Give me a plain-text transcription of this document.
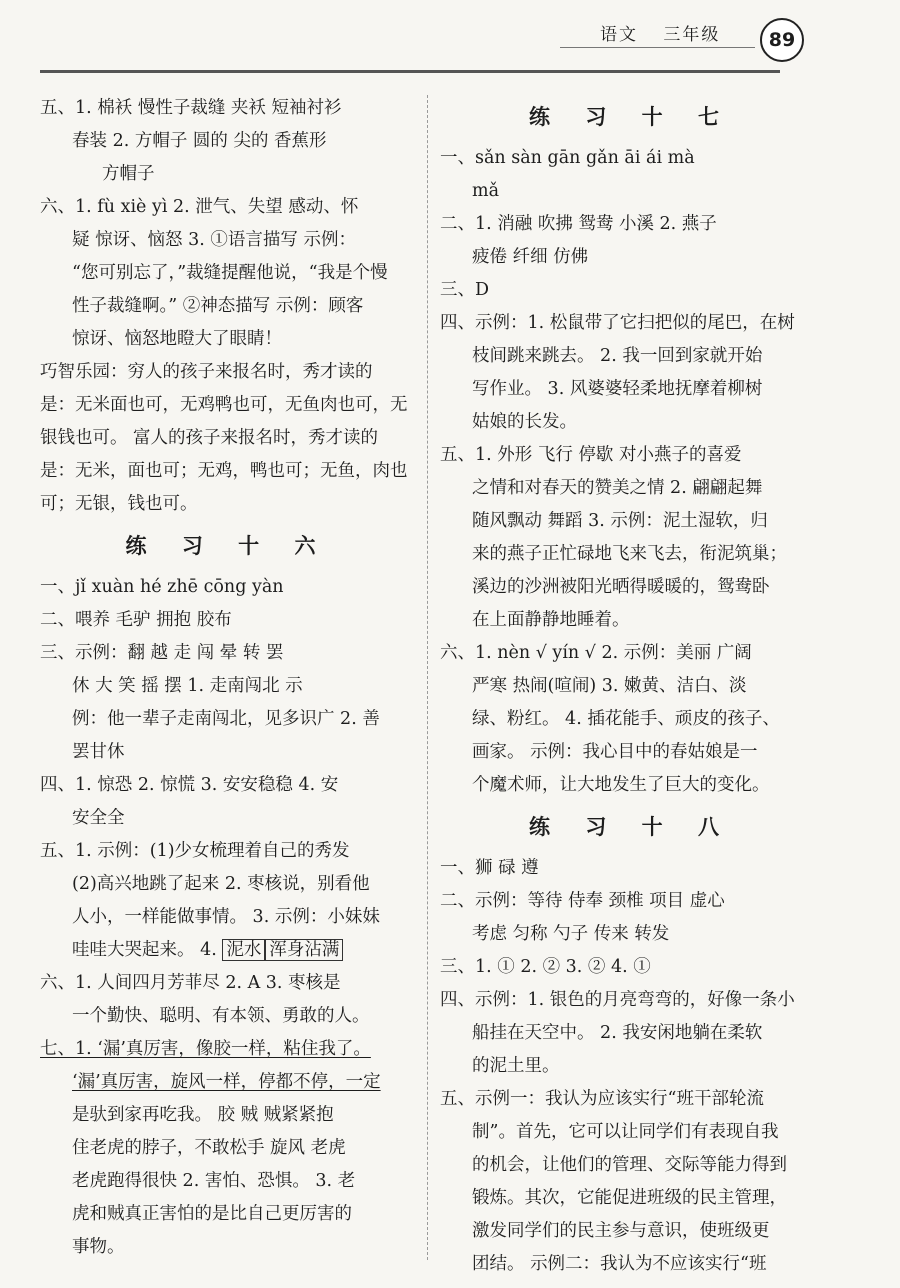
语文 三年级	89
五、1. 棉袄 慢性子裁缝 夹袄 短袖衬衫
春装 2. 方帽子 圆的 尖的 香蕉形
方帽子
六、1. fù xiè yì 2. 泄气、失望 感动、怀
疑 惊讶、恼怒 3. ①语言描写 示例：
“您可别忘了，”裁缝提醒他说，“我是个慢
性子裁缝啊。” ②神态描写 示例：顾客
惊讶、恼怒地瞪大了眼睛！
巧智乐园：穷人的孩子来报名时，秀才读的
是：无米面也可，无鸡鸭也可，无鱼肉也可，无
银钱也可。 富人的孩子来报名时，秀才读的
是：无米，面也可；无鸡，鸭也可；无鱼，肉也
可；无银，钱也可。
练 习 十 六
一、jǐ xuàn hé zhē cōng yàn
二、喂养 毛驴 拥抱 胶布
三、示例：翻 越 走 闯 晕 转 罢
休 大 笑 摇 摆 1. 走南闯北 示
例：他一辈子走南闯北，见多识广 2. 善
罢甘休
四、1. 惊恐 2. 惊慌 3. 安安稳稳 4. 安
安全全
五、1. 示例：(1)少女梳理着自己的秀发
(2)高兴地跳了起来 2. 枣核说，别看他
人小，一样能做事情。 3. 示例：小妹妹
哇哇大哭起来。 4. 泥水 浑身沾满
六、1. 人间四月芳菲尽 2. A 3. 枣核是
一个勤快、聪明、有本领、勇敢的人。
七、1. ‘漏’真厉害，像胶一样，粘住我了。
‘漏’真厉害，旋风一样，停都不停，一定
是驮到家再吃我。 胶 贼 贼紧紧抱
住老虎的脖子，不敢松手 旋风 老虎
老虎跑得很快 2. 害怕、恐惧。 3. 老
虎和贼真正害怕的是比自己更厉害的
事物。
练 习 十 七
一、sǎn sàn gān gǎn āi ái mà
mǎ
二、1. 消融 吹拂 鸳鸯 小溪 2. 燕子
疲倦 纤细 仿佛
三、D
四、示例：1. 松鼠带了它扫把似的尾巴，在树
枝间跳来跳去。 2. 我一回到家就开始
写作业。 3. 风婆婆轻柔地抚摩着柳树
姑娘的长发。
五、1. 外形 飞行 停歇 对小燕子的喜爱
之情和对春天的赞美之情 2. 翩翩起舞
随风飘动 舞蹈 3. 示例：泥土湿软，归
来的燕子正忙碌地飞来飞去，衔泥筑巢；
溪边的沙洲被阳光晒得暖暖的，鸳鸯卧
在上面静静地睡着。
六、1. nèn √ yín √ 2. 示例：美丽 广阔
严寒 热闹(喧闹) 3. 嫩黄、洁白、淡
绿、粉红。 4. 插花能手、顽皮的孩子、
画家。 示例：我心目中的春姑娘是一
个魔术师，让大地发生了巨大的变化。
练 习 十 八
一、狮 碌 遵
二、示例：等待 侍奉 颈椎 项目 虚心
考虑 匀称 勺子 传来 转发
三、1. ① 2. ② 3. ② 4. ①
四、示例：1. 银色的月亮弯弯的，好像一条小
船挂在天空中。 2. 我安闲地躺在柔软
的泥土里。
五、示例一：我认为应该实行“班干部轮流
制”。首先，它可以让同学们有表现自我
的机会，让他们的管理、交际等能力得到
锻炼。其次，它能促进班级的民主管理，
激发同学们的民主参与意识，使班级更
团结。 示例二：我认为不应该实行“班
